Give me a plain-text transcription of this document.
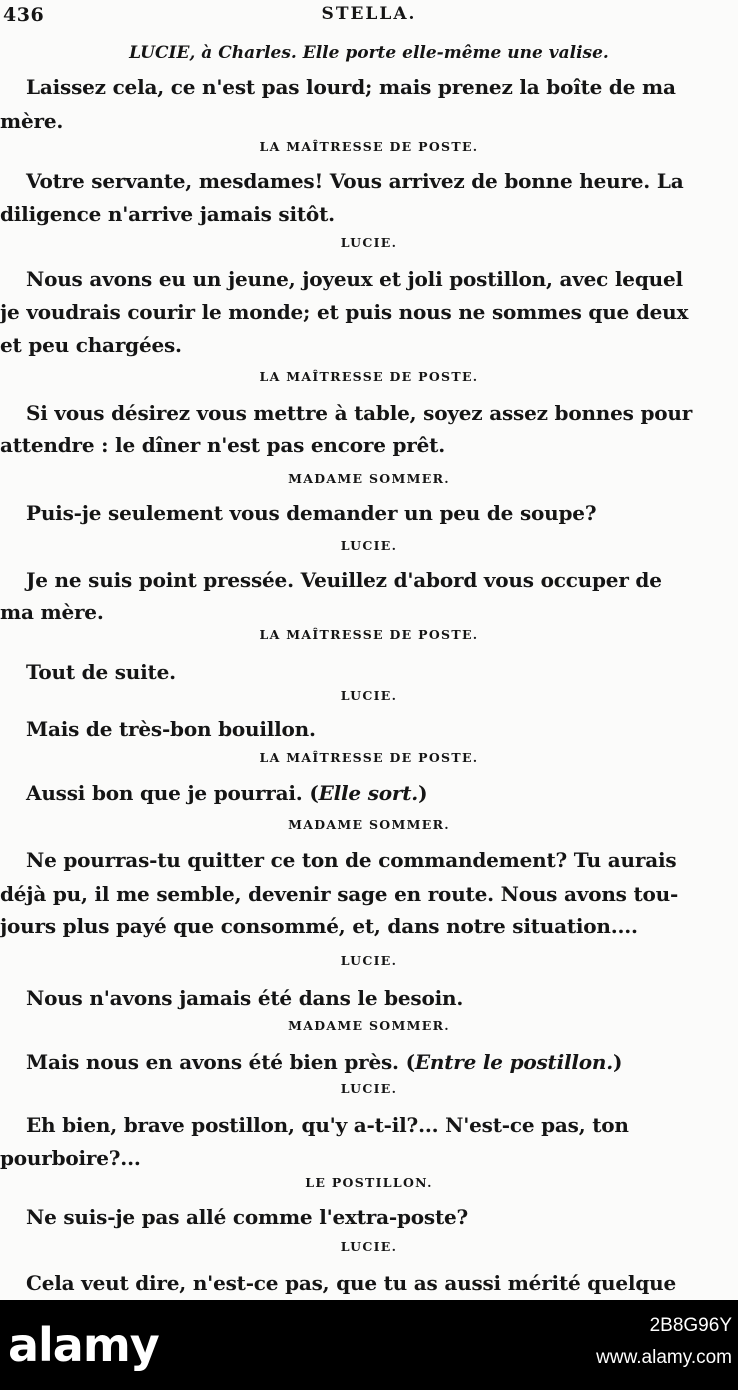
436	STELLA.
LUCIE, à Charles. Elle porte elle-même une valise.
Laissez cela, ce n'est pas lourd; mais prenez la boîte de ma
mère.
LA MAÎTRESSE DE POSTE.
Votre servante, mesdames! Vous arrivez de bonne heure. La
diligence n'arrive jamais sitôt.
LUCIE.
Nous avons eu un jeune, joyeux et joli postillon, avec lequel
je voudrais courir le monde; et puis nous ne sommes que deux
et peu chargées.
LA MAÎTRESSE DE POSTE.
Si vous désirez vous mettre à table, soyez assez bonnes pour
attendre : le dîner n'est pas encore prêt.
MADAME SOMMER.
Puis-je seulement vous demander un peu de soupe?
LUCIE.
Je ne suis point pressée. Veuillez d'abord vous occuper de
ma mère.
LA MAÎTRESSE DE POSTE.
Tout de suite.
LUCIE.
Mais de très-bon bouillon.
LA MAÎTRESSE DE POSTE.
Aussi bon que je pourrai. (Elle sort.)
MADAME SOMMER.
Ne pourras-tu quitter ce ton de commandement? Tu aurais
déjà pu, il me semble, devenir sage en route. Nous avons tou-
jours plus payé que consommé, et, dans notre situation....
LUCIE.
Nous n'avons jamais été dans le besoin.
MADAME SOMMER.
Mais nous en avons été bien près. (Entre le postillon.)
LUCIE.
Eh bien, brave postillon, qu'y a-t-il?... N'est-ce pas, ton
pourboire?...
LE POSTILLON.
Ne suis-je pas allé comme l'extra-poste?
LUCIE.
Cela veut dire, n'est-ce pas, que tu as aussi mérité quelque
alamy	2B8G96Y
www.alamy.com
